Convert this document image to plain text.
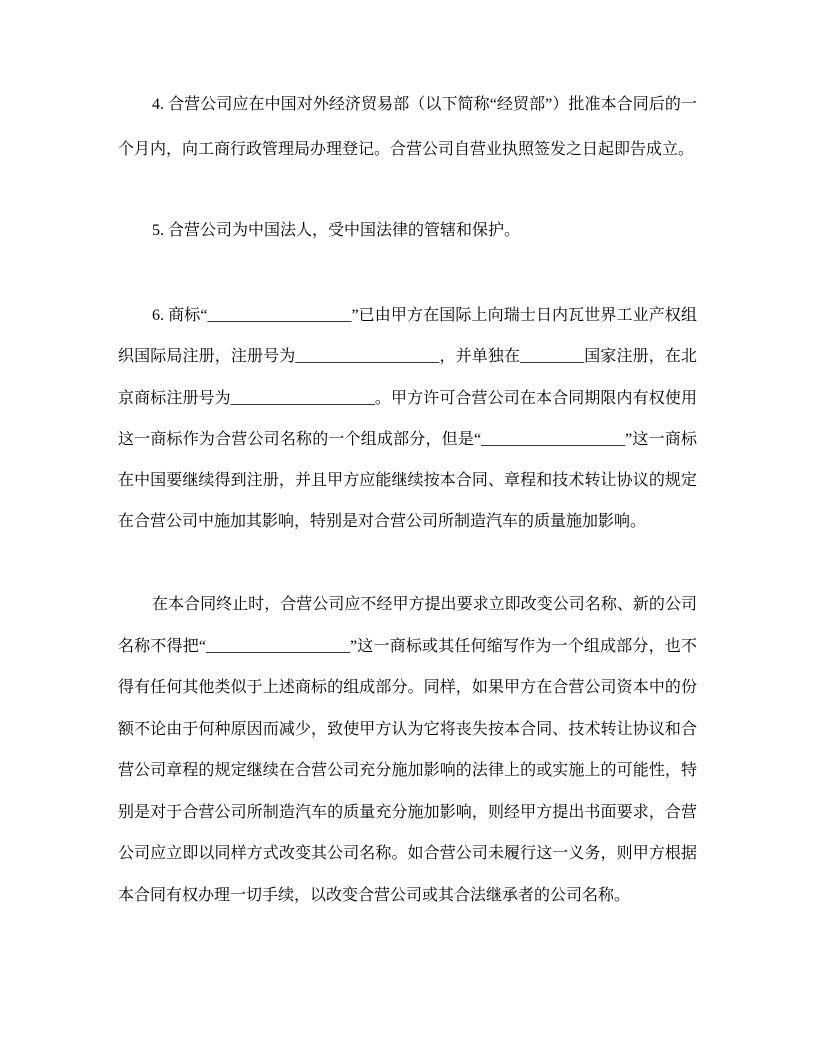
4. 合营公司应在中国对外经济贸易部（以下简称“经贸部”）批准本合同后的一
个月内，向工商行政管理局办理登记。合营公司自营业执照签发之日起即告成立。
5. 合营公司为中国法人，受中国法律的管辖和保护。
6. 商标“__________________”已由甲方在国际上向瑞士日内瓦世界工业产权组
织国际局注册，注册号为__________________，并单独在________国家注册，在北
京商标注册号为__________________。甲方许可合营公司在本合同期限内有权使用
这一商标作为合营公司名称的一个组成部分，但是“__________________”这一商标
在中国要继续得到注册，并且甲方应能继续按本合同、章程和技术转让协议的规定
在合营公司中施加其影响，特别是对合营公司所制造汽车的质量施加影响。
在本合同终止时，合营公司应不经甲方提出要求立即改变公司名称、新的公司
名称不得把“__________________”这一商标或其任何缩写作为一个组成部分，也不
得有任何其他类似于上述商标的组成部分。同样，如果甲方在合营公司资本中的份
额不论由于何种原因而减少，致使甲方认为它将丧失按本合同、技术转让协议和合
营公司章程的规定继续在合营公司充分施加影响的法律上的或实施上的可能性，特
别是对于合营公司所制造汽车的质量充分施加影响，则经甲方提出书面要求，合营
公司应立即以同样方式改变其公司名称。如合营公司未履行这一义务，则甲方根据
本合同有权办理一切手续，以改变合营公司或其合法继承者的公司名称。
